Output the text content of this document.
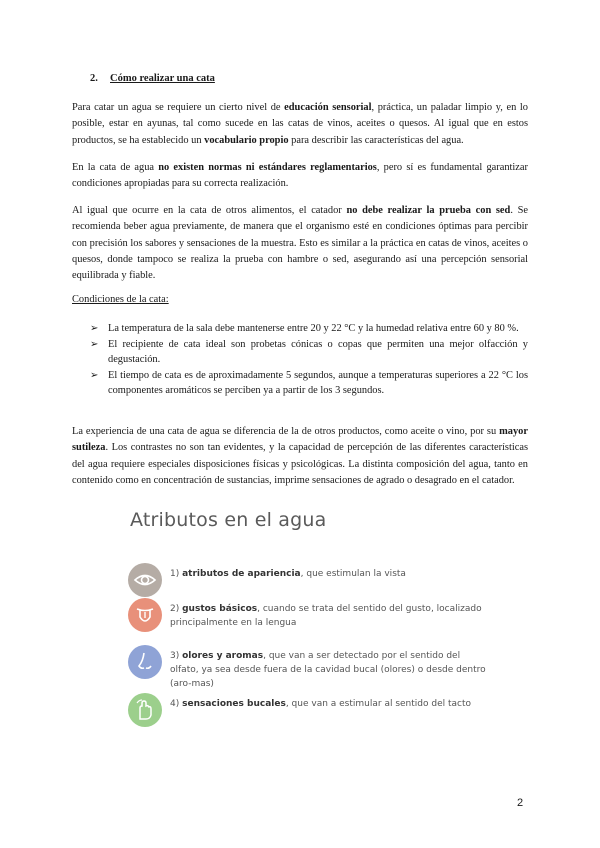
2. Cómo realizar una cata

Para catar un agua se requiere un cierto nivel de educación sensorial, práctica, un paladar limpio y, en lo posible, estar en ayunas, tal como sucede en las catas de vinos, aceites o quesos. Al igual que en estos productos, se ha establecido un vocabulario propio para describir las características del agua.

En la cata de agua no existen normas ni estándares reglamentarios, pero sí es fundamental garantizar condiciones apropiadas para su correcta realización.

Al igual que ocurre en la cata de otros alimentos, el catador no debe realizar la prueba con sed. Se recomienda beber agua previamente, de manera que el organismo esté en condiciones óptimas para percibir con precisión los sabores y sensaciones de la muestra. Esto es similar a la práctica en catas de vinos, aceites o quesos, donde tampoco se realiza la prueba con hambre o sed, asegurando así una percepción sensorial equilibrada y fiable.

Condiciones de la cata:
➢ La temperatura de la sala debe mantenerse entre 20 y 22 °C y la humedad relativa entre 60 y 80 %.
➢ El recipiente de cata ideal son probetas cónicas o copas que permiten una mejor olfacción y degustación.
➢ El tiempo de cata es de aproximadamente 5 segundos, aunque a temperaturas superiores a 22 °C los componentes aromáticos se perciben ya a partir de los 3 segundos.

La experiencia de una cata de agua se diferencia de la de otros productos, como aceite o vino, por su mayor sutileza. Los contrastes no son tan evidentes, y la capacidad de percepción de las diferentes características del agua requiere especiales disposiciones físicas y psicológicas. La distinta composición del agua, tanto en contenido como en concentración de sustancias, imprime sensaciones de agrado o desagrado en el catador.

Atributos en el agua
1) atributos de apariencia, que estimulan la vista
2) gustos básicos, cuando se trata del sentido del gusto, localizado principalmente en la lengua
3) olores y aromas, que van a ser detectado por el sentido del olfato, ya sea desde fuera de la cavidad bucal (olores) o desde dentro (aro-mas)
4) sensaciones bucales, que van a estimular al sentido del tacto
2
